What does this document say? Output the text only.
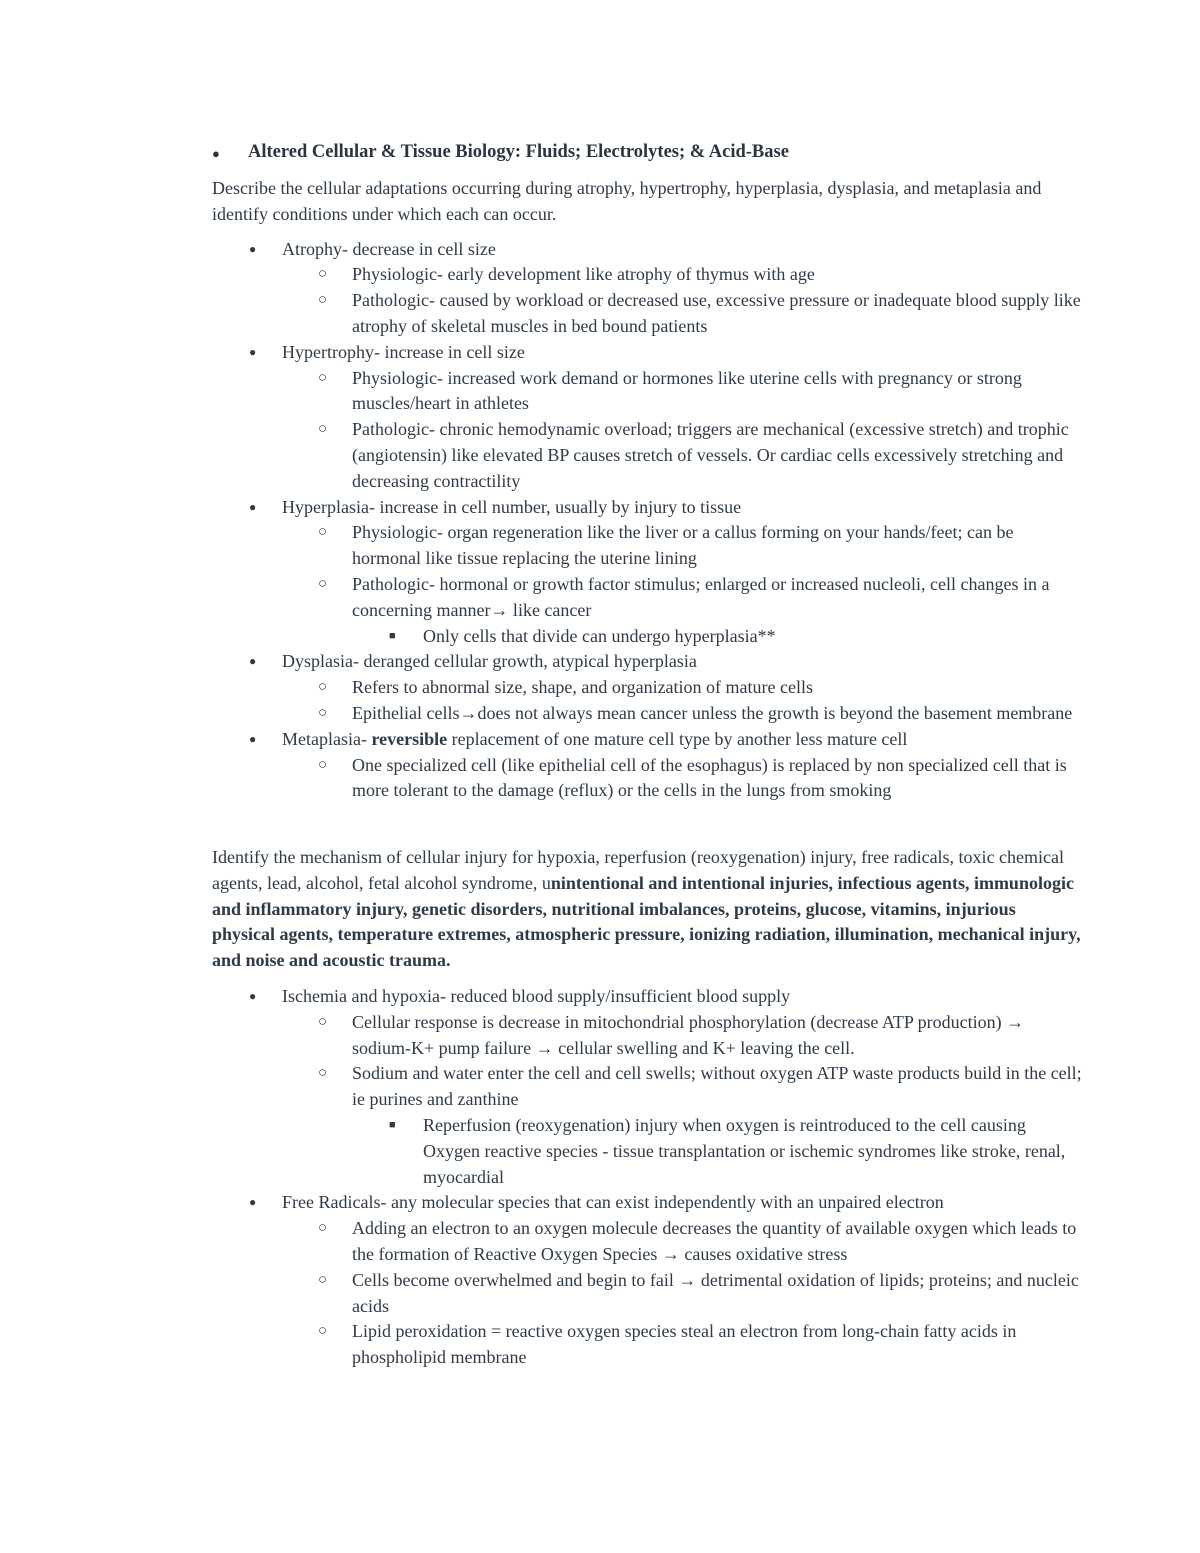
● Altered Cellular & Tissue Biology: Fluids; Electrolytes; & Acid-Base

Describe the cellular adaptations occurring during atrophy, hypertrophy, hyperplasia, dysplasia, and metaplasia and identify conditions under which each can occur.

● Atrophy- decrease in cell size
○ Physiologic- early development like atrophy of thymus with age
○ Pathologic- caused by workload or decreased use, excessive pressure or inadequate blood supply like atrophy of skeletal muscles in bed bound patients
● Hypertrophy- increase in cell size
○ Physiologic- increased work demand or hormones like uterine cells with pregnancy or strong muscles/heart in athletes
○ Pathologic- chronic hemodynamic overload; triggers are mechanical (excessive stretch) and trophic (angiotensin) like elevated BP causes stretch of vessels. Or cardiac cells excessively stretching and decreasing contractility
● Hyperplasia- increase in cell number, usually by injury to tissue
○ Physiologic- organ regeneration like the liver or a callus forming on your hands/feet; can be hormonal like tissue replacing the uterine lining
○ Pathologic- hormonal or growth factor stimulus; enlarged or increased nucleoli, cell changes in a concerning manner→ like cancer
■ Only cells that divide can undergo hyperplasia**
● Dysplasia- deranged cellular growth, atypical hyperplasia
○ Refers to abnormal size, shape, and organization of mature cells
○ Epithelial cells→does not always mean cancer unless the growth is beyond the basement membrane
● Metaplasia- reversible replacement of one mature cell type by another less mature cell
○ One specialized cell (like epithelial cell of the esophagus) is replaced by non specialized cell that is more tolerant to the damage (reflux) or the cells in the lungs from smoking

Identify the mechanism of cellular injury for hypoxia, reperfusion (reoxygenation) injury, free radicals, toxic chemical agents, lead, alcohol, fetal alcohol syndrome, unintentional and intentional injuries, infectious agents, immunologic and inflammatory injury, genetic disorders, nutritional imbalances, proteins, glucose, vitamins, injurious physical agents, temperature extremes, atmospheric pressure, ionizing radiation, illumination, mechanical injury, and noise and acoustic trauma.

● Ischemia and hypoxia- reduced blood supply/insufficient blood supply
○ Cellular response is decrease in mitochondrial phosphorylation (decrease ATP production) → sodium-K+ pump failure → cellular swelling and K+ leaving the cell.
○ Sodium and water enter the cell and cell swells; without oxygen ATP waste products build in the cell; ie purines and zanthine
■ Reperfusion (reoxygenation) injury when oxygen is reintroduced to the cell causing Oxygen reactive species - tissue transplantation or ischemic syndromes like stroke, renal, myocardial
● Free Radicals- any molecular species that can exist independently with an unpaired electron
○ Adding an electron to an oxygen molecule decreases the quantity of available oxygen which leads to the formation of Reactive Oxygen Species → causes oxidative stress
○ Cells become overwhelmed and begin to fail → detrimental oxidation of lipids; proteins; and nucleic acids
○ Lipid peroxidation = reactive oxygen species steal an electron from long-chain fatty acids in phospholipid membrane
